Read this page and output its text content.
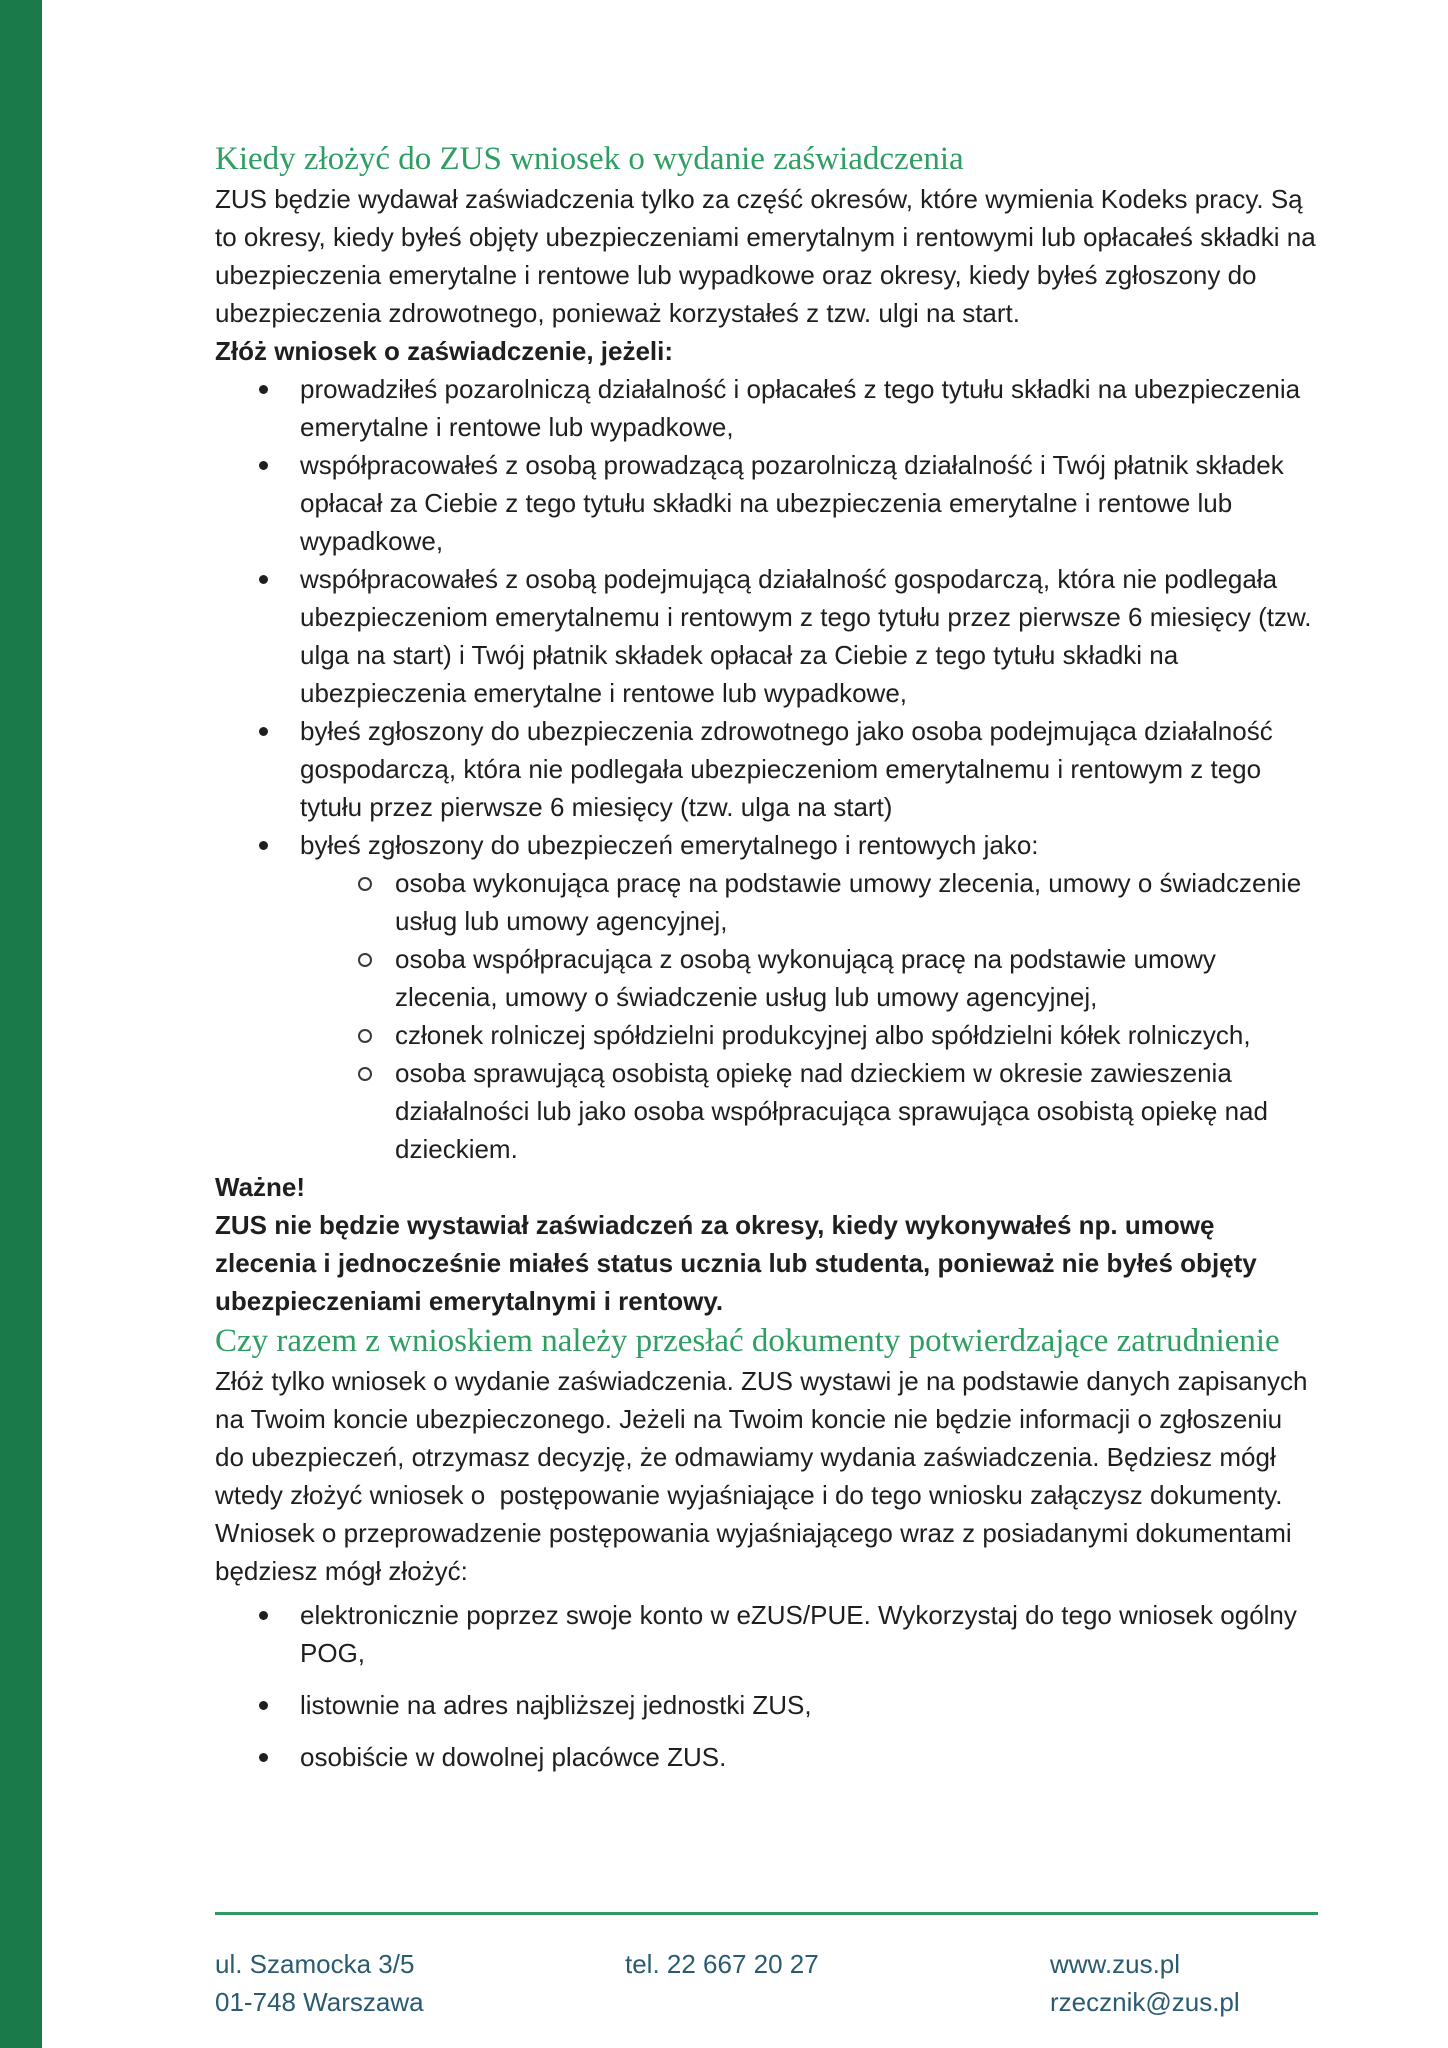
Kiedy złożyć do ZUS wniosek o wydanie zaświadczenia

ZUS będzie wydawał zaświadczenia tylko za część okresów, które wymienia Kodeks pracy. Są to okresy, kiedy byłeś objęty ubezpieczeniami emerytalnym i rentowymi lub opłacałeś składki na ubezpieczenia emerytalne i rentowe lub wypadkowe oraz okresy, kiedy byłeś zgłoszony do ubezpieczenia zdrowotnego, ponieważ korzystałeś z tzw. ulgi na start.

Złóż wniosek o zaświadczenie, jeżeli:

prowadziłeś pozarolniczą działalność i opłacałeś z tego tytułu składki na ubezpieczenia emerytalne i rentowe lub wypadkowe,
współpracowałeś z osobą prowadzącą pozarolniczą działalność i Twój płatnik składek opłacał za Ciebie z tego tytułu składki na ubezpieczenia emerytalne i rentowe lub wypadkowe,
współpracowałeś z osobą podejmującą działalność gospodarczą, która nie podlegała ubezpieczeniom emerytalnemu i rentowym z tego tytułu przez pierwsze 6 miesięcy (tzw. ulga na start) i Twój płatnik składek opłacał za Ciebie z tego tytułu składki na ubezpieczenia emerytalne i rentowe lub wypadkowe,
byłeś zgłoszony do ubezpieczenia zdrowotnego jako osoba podejmująca działalność gospodarczą, która nie podlegała ubezpieczeniom emerytalnemu i rentowym z tego tytułu przez pierwsze 6 miesięcy (tzw. ulga na start)
byłeś zgłoszony do ubezpieczeń emerytalnego i rentowych jako:
osoba wykonująca pracę na podstawie umowy zlecenia, umowy o świadczenie usług lub umowy agencyjnej,
osoba współpracująca z osobą wykonującą pracę na podstawie umowy zlecenia, umowy o świadczenie usług lub umowy agencyjnej,
członek rolniczej spółdzielni produkcyjnej albo spółdzielni kółek rolniczych,
osoba sprawującą osobistą opiekę nad dzieckiem w okresie zawieszenia działalności lub jako osoba współpracująca sprawująca osobistą opiekę nad dzieckiem.

Ważne!

ZUS nie będzie wystawiał zaświadczeń za okresy, kiedy wykonywałeś np. umowę zlecenia i jednocześnie miałeś status ucznia lub studenta, ponieważ nie byłeś objęty ubezpieczeniami emerytalnymi i rentowy.

Czy razem z wnioskiem należy przesłać dokumenty potwierdzające zatrudnienie

Złóż tylko wniosek o wydanie zaświadczenia. ZUS wystawi je na podstawie danych zapisanych na Twoim koncie ubezpieczonego. Jeżeli na Twoim koncie nie będzie informacji o zgłoszeniu do ubezpieczeń, otrzymasz decyzję, że odmawiamy wydania zaświadczenia. Będziesz mógł wtedy złożyć wniosek o  postępowanie wyjaśniające i do tego wniosku załączysz dokumenty.

Wniosek o przeprowadzenie postępowania wyjaśniającego wraz z posiadanymi dokumentami będziesz mógł złożyć:

elektronicznie poprzez swoje konto w eZUS/PUE. Wykorzystaj do tego wniosek ogólny POG,
listownie na adres najbliższej jednostki ZUS,
osobiście w dowolnej placówce ZUS.
ul. Szamocka 3/5
01-748 Warszawa
tel. 22 667 20 27	www.zus.pl
rzecznik@zus.pl
